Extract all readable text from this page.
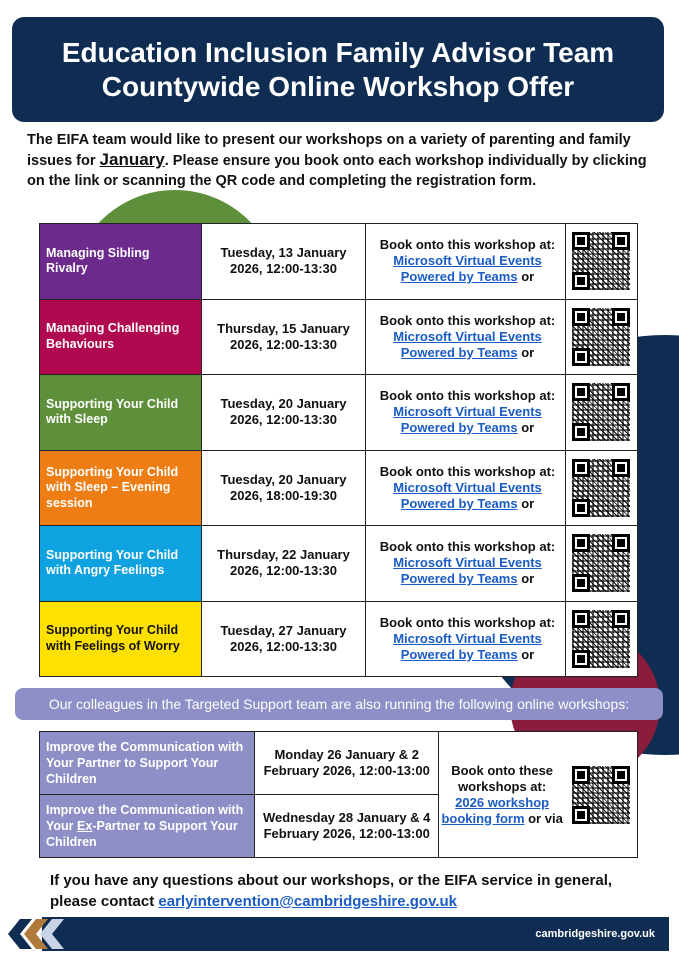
Education Inclusion Family Advisor Team
Countywide Online Workshop Offer
The EIFA team would like to present our workshops on a variety of parenting and family issues for January. Please ensure you book onto each workshop individually by clicking on the link or scanning the QR code and completing the registration form.
Managing Sibling Rivalry	Tuesday, 13 January 2026, 12:00-13:30	Book onto this workshop at:
Microsoft Virtual Events Powered by Teams or	

Managing Challenging Behaviours	Thursday, 15 January 2026, 12:00-13:30	Book onto this workshop at:
Microsoft Virtual Events Powered by Teams or	

Supporting Your Child with Sleep	Tuesday, 20 January 2026, 12:00-13:30	Book onto this workshop at:
Microsoft Virtual Events Powered by Teams or	

Supporting Your Child with Sleep – Evening session	Tuesday, 20 January 2026, 18:00-19:30	Book onto this workshop at:
Microsoft Virtual Events Powered by Teams or	

Supporting Your Child with Angry Feelings	Thursday, 22 January 2026, 12:00-13:30	Book onto this workshop at:
Microsoft Virtual Events Powered by Teams or	

Supporting Your Child with Feelings of Worry	Tuesday, 27 January 2026, 12:00-13:30	Book onto this workshop at:
Microsoft Virtual Events Powered by Teams or	
Our colleagues in the Targeted Support team are also running the following online workshops:
Improve the Communication with Your Partner to Support Your Children	Monday 26 January & 2 February 2026, 12:00-13:00	Book onto these workshops at:
2026 workshop booking form or via	

Improve the Communication with Your Ex-Partner to Support Your Children	Wednesday 28 January & 4 February 2026, 12:00-13:00		
If you have any questions about our workshops, or the EIFA service in general, please contact earlyintervention@cambridgeshire.gov.uk
cambridgeshire.gov.uk
